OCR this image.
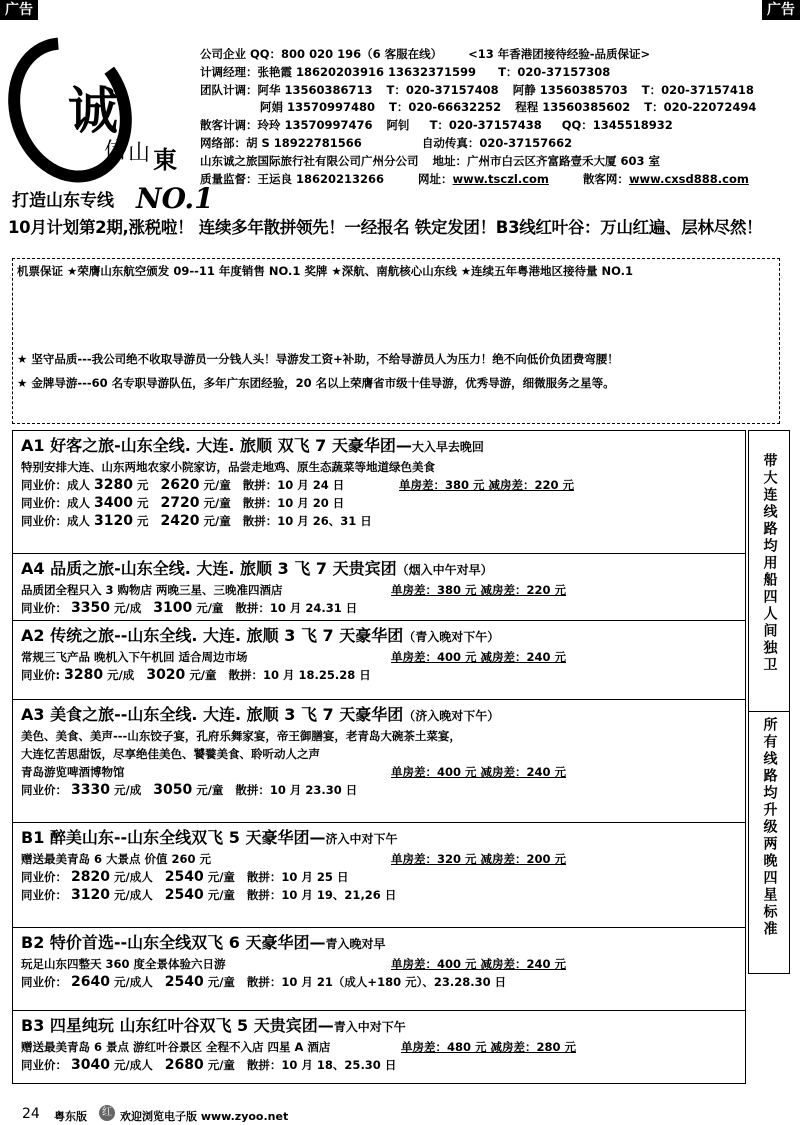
广告	广告
诚
信 山 東
打造山东专线 NO.1
公司企业 QQ：800 020 196（6 客服在线） <13 年香港团接待经验-品质保证>
计调经理：张艳霞 18620203916 13632371599 T：020-37157308
团队计调：阿华 13560386713 T：020-37157408 阿静 13560385703 T：020-37157418
阿娟 13570997480 T：020-66632252 程程 13560385602 T：020-22072494
散客计调：玲玲 13570997476 阿钊 T：020-37157438 QQ：1345518932
网络部：胡 S 18922781566	自动传真：020-37157662
山东诚之旅国际旅行社有限公司广州分公司 地址：广州市白云区齐富路壹禾大厦 603 室
质量监督：王运良 18620213266	网址：www.tsczl.com	散客网：www.cxsd888.com
10月计划第2期,涨税啦！ 连续多年散拼领先！一经报名 铁定发团！B3线红叶谷：万山红遍、层林尽然！
机票保证 ★荣膺山东航空颁发 09--11 年度销售 NO.1 奖牌 ★深航、南航核心山东线 ★连续五年粤港地区接待量 NO.1
★ 坚守品质---我公司绝不收取导游员一分钱人头！导游发工资+补助，不给导游员人为压力！绝不向低价负团费弯腰！
★ 金牌导游---60 名专职导游队伍，多年广东团经验，20 名以上荣膺省市级十佳导游，优秀导游，细微服务之星等。
A1 好客之旅-山东全线. 大连. 旅顺 双飞 7 天豪华团—大入早去晚回
特别安排大连、山东两地农家小院家访，品尝走地鸡、原生态蔬菜等地道绿色美食
同业价：成人 3280 元 2620 元/童 散拼：10 月 24 日	单房差：380 元 减房差：220 元
同业价：成人 3400 元 2720 元/童 散拼：10 月 20 日
同业价：成人 3120 元 2420 元/童 散拼：10 月 26、31 日
A4 品质之旅-山东全线. 大连. 旅顺 3 飞 7 天贵宾团（烟入中午对早）
品质团全程只入 3 购物店 两晚三星、三晚准四酒店	单房差：380 元 减房差：220 元
同业价： 3350 元/成 3100 元/童 散拼：10 月 24.31 日
A2 传统之旅--山东全线. 大连. 旅顺 3 飞 7 天豪华团（青入晚对下午）
常规三飞产品 晚机入下午机回 适合周边市场	单房差：400 元 减房差：240 元
同业价: 3280 元/成 3020 元/童 散拼：10 月 18.25.28 日
A3 美食之旅--山东全线. 大连. 旅顺 3 飞 7 天豪华团（济入晚对下午）
美色、美食、美声---山东饺子宴，孔府乐舞家宴，帝王御膳宴，老青岛大碗茶土菜宴，
大连忆苦思甜饭，尽享绝佳美色、饕餮美食、聆听动人之声
青岛游览啤酒博物馆	单房差：400 元 减房差：240 元
同业价： 3330 元/成 3050 元/童 散拼：10 月 23.30 日
B1 醉美山东--山东全线双飞 5 天豪华团—济入中对下午
赠送最美青岛 6 大景点 价值 260 元	单房差：320 元 减房差：200 元
同业价： 2820 元/成人 2540 元/童 散拼：10 月 25 日
同业价： 3120 元/成人 2540 元/童 散拼：10 月 19、21,26 日
B2 特价首选--山东全线双飞 6 天豪华团—青入晚对早
玩足山东四整天 360 度全景体验六日游	单房差：400 元 减房差：240 元
同业价： 2640 元/成人 2540 元/童 散拼：10 月 21（成人+180 元）、23.28.30 日
B3 四星纯玩 山东红叶谷双飞 5 天贵宾团—青入中对下午
赠送最美青岛 6 景点 游红叶谷景区 全程不入店 四星 A 酒店	单房差：480 元 减房差：280 元
同业价： 3040 元/成人 2680 元/童 散拼：10 月 18、25.30 日
带大连线路均用船四人间独卫
所有线路均升级两晚四星标准
24 粤东版	红 欢迎浏览电子版 www.zyoo.net
